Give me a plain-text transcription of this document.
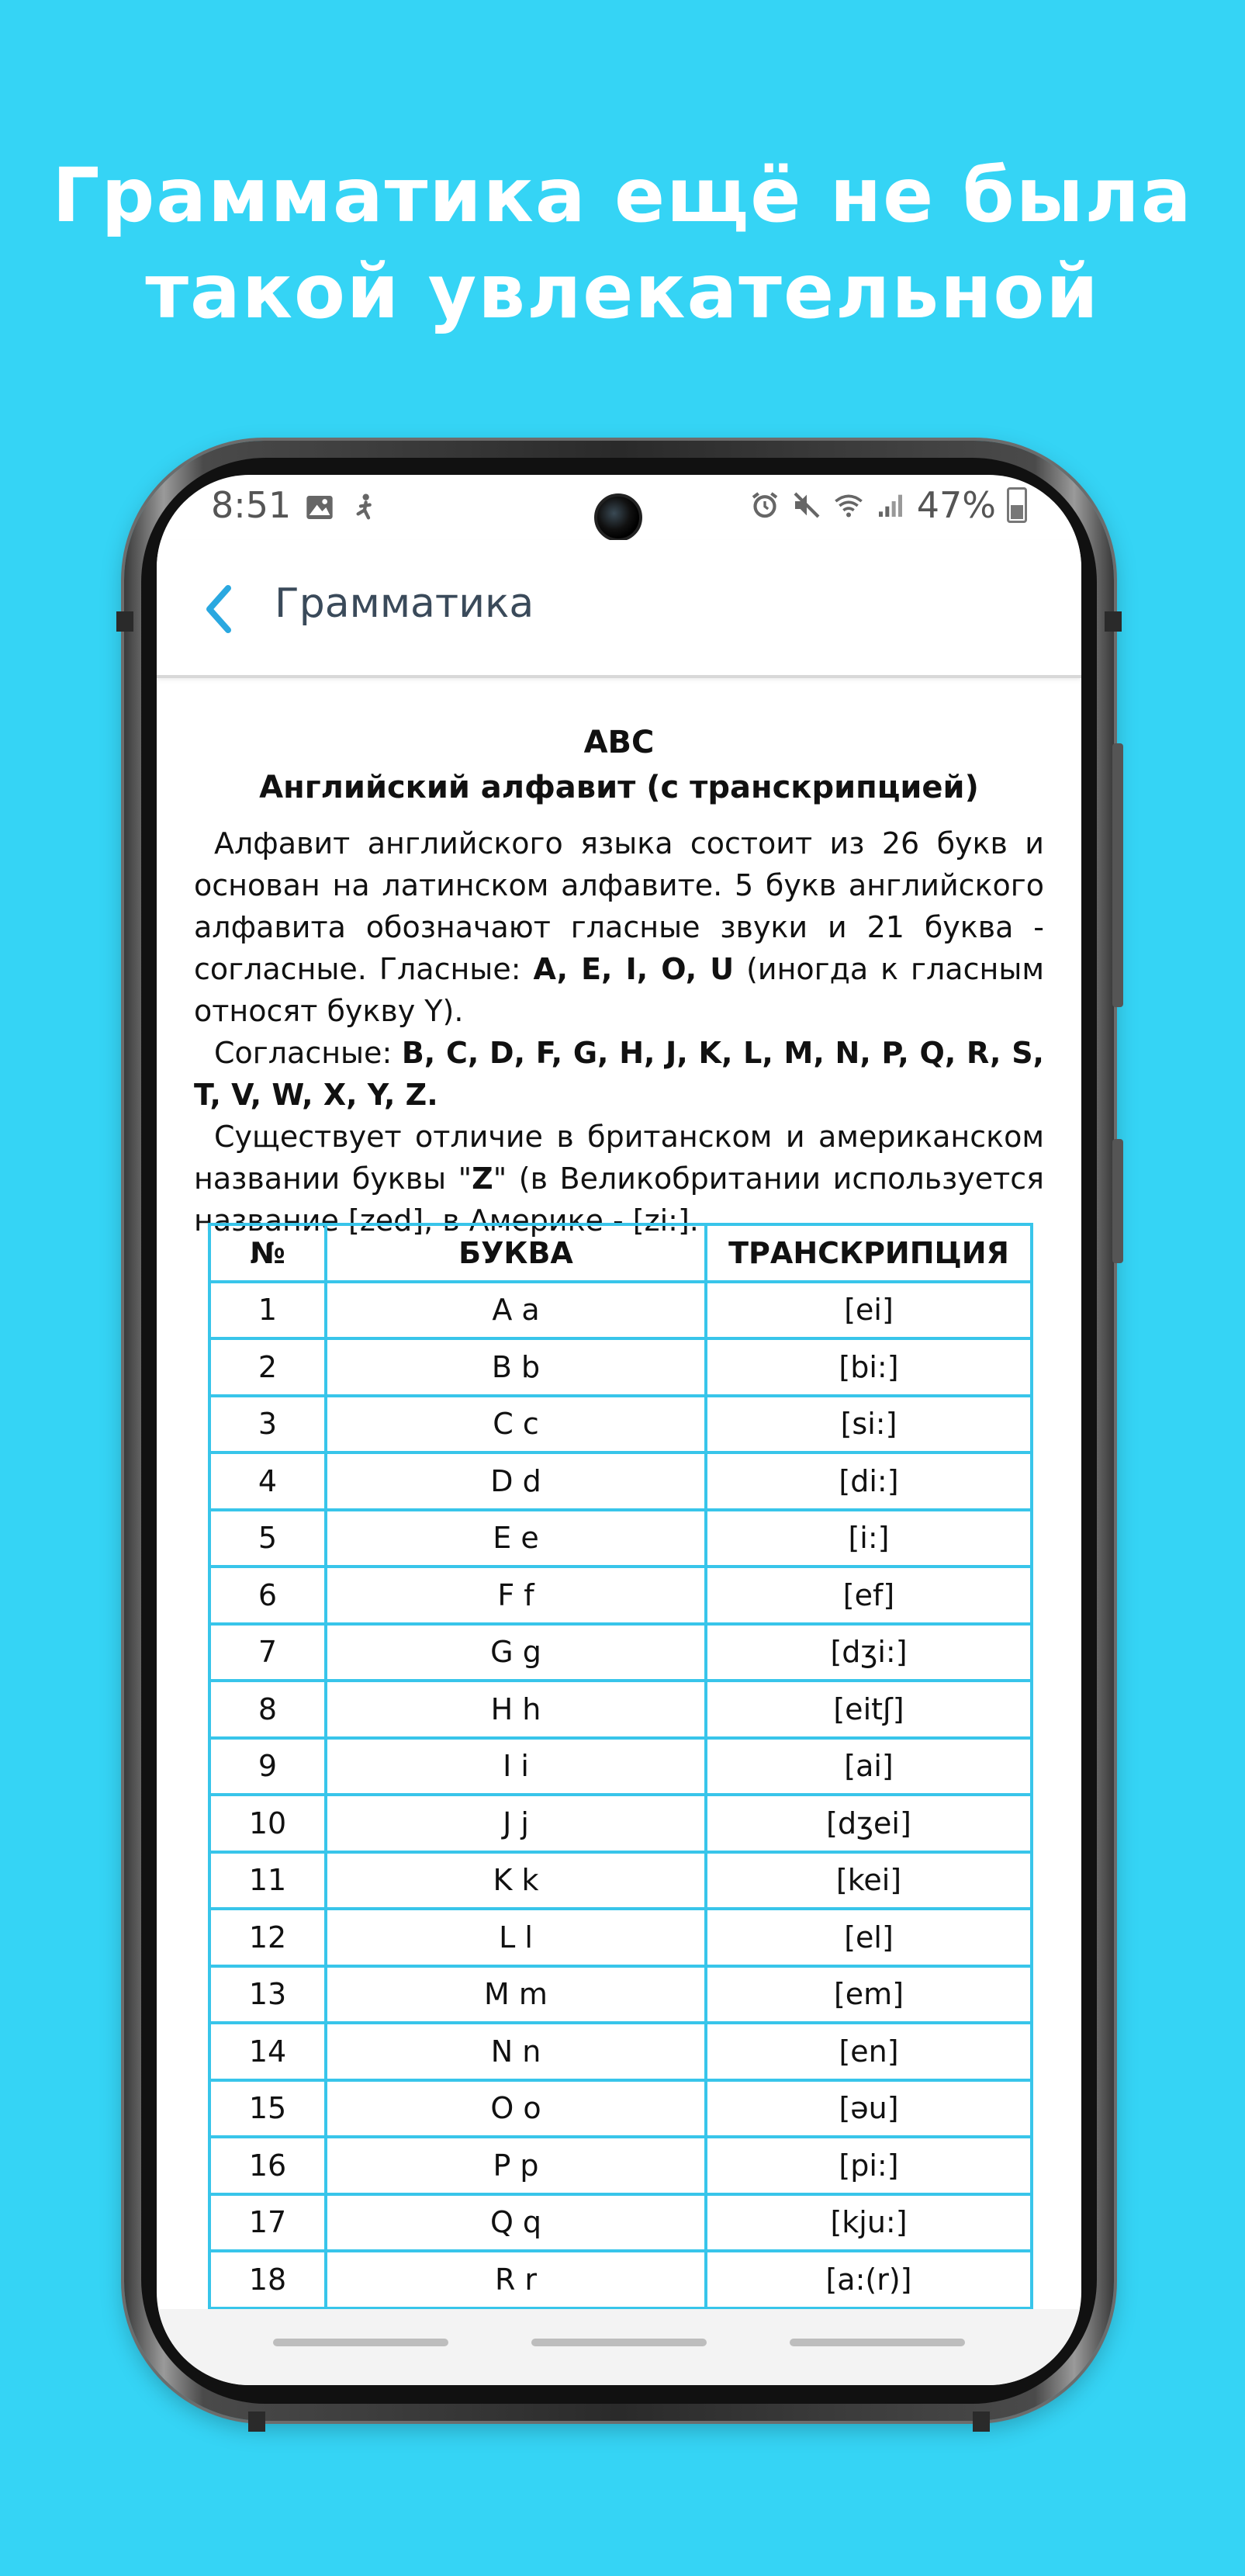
Грамматика ещё не была
такой увлекательной
8:51	47%
Грамматика
ABC
Английский алфавит (с транскрипцией)

Алфавит английского языка состоит из 26 букв и основан на латинском алфавите. 5 букв английского алфавита обозначают гласные звуки и 21 буква - согласные. Гласные: A, E, I, O, U (иногда к гласным относят букву Y).

Согласные: B, C, D, F, G, H, J, K, L, M, N, P, Q, R, S, T, V, W, X, Y, Z.

Существует отличие в британском и американском названии буквы "Z" (в Великобритании используется название [zed], в Америке - [zi:].

№	БУКВА	ТРАНСКРИПЦИЯ
1	A a	[ei]
2	B b	[bi:]
3	C c	[si:]
4	D d	[di:]
5	E e	[i:]
6	F f	[ef]
7	G g	[dʒi:]
8	H h	[eitʃ]
9	I i	[ai]
10	J j	[dʒei]
11	K k	[kei]
12	L l	[el]
13	M m	[em]
14	N n	[en]
15	O o	[əu]
16	P p	[pi:]
17	Q q	[kju:]
18	R r	[a:(r)]
